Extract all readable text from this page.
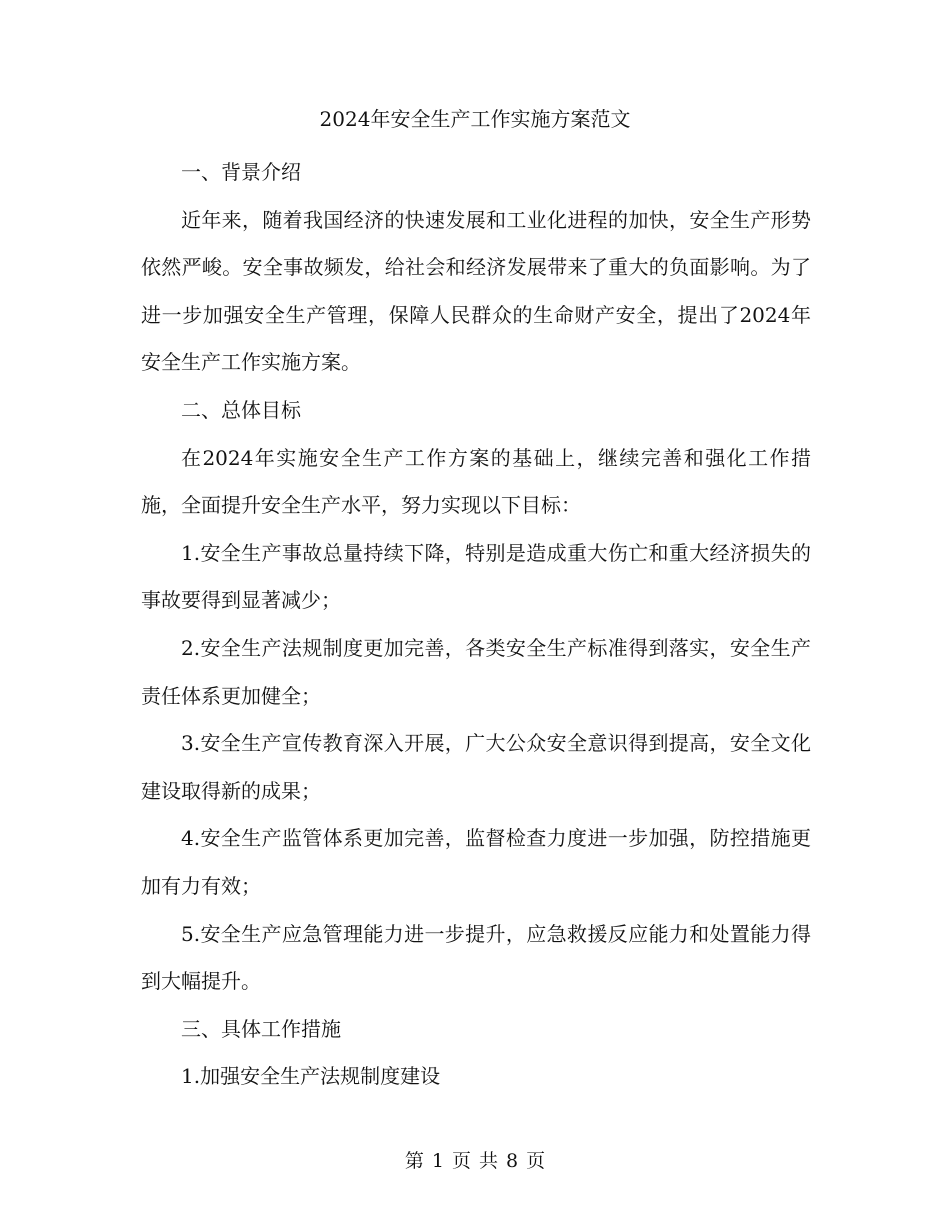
2024年安全生产工作实施方案范文

一、背景介绍

近年来，随着我国经济的快速发展和工业化进程的加快，安全生产形势依然严峻。安全事故频发，给社会和经济发展带来了重大的负面影响。为了进一步加强安全生产管理，保障人民群众的生命财产安全，提出了2024年安全生产工作实施方案。

二、总体目标

在2024年实施安全生产工作方案的基础上，继续完善和强化工作措施，全面提升安全生产水平，努力实现以下目标：

1.安全生产事故总量持续下降，特别是造成重大伤亡和重大经济损失的事故要得到显著减少；

2.安全生产法规制度更加完善，各类安全生产标准得到落实，安全生产责任体系更加健全；

3.安全生产宣传教育深入开展，广大公众安全意识得到提高，安全文化建设取得新的成果；

4.安全生产监管体系更加完善，监督检查力度进一步加强，防控措施更加有力有效；

5.安全生产应急管理能力进一步提升，应急救援反应能力和处置能力得到大幅提升。

三、具体工作措施

1.加强安全生产法规制度建设

第 1 页 共 8 页
